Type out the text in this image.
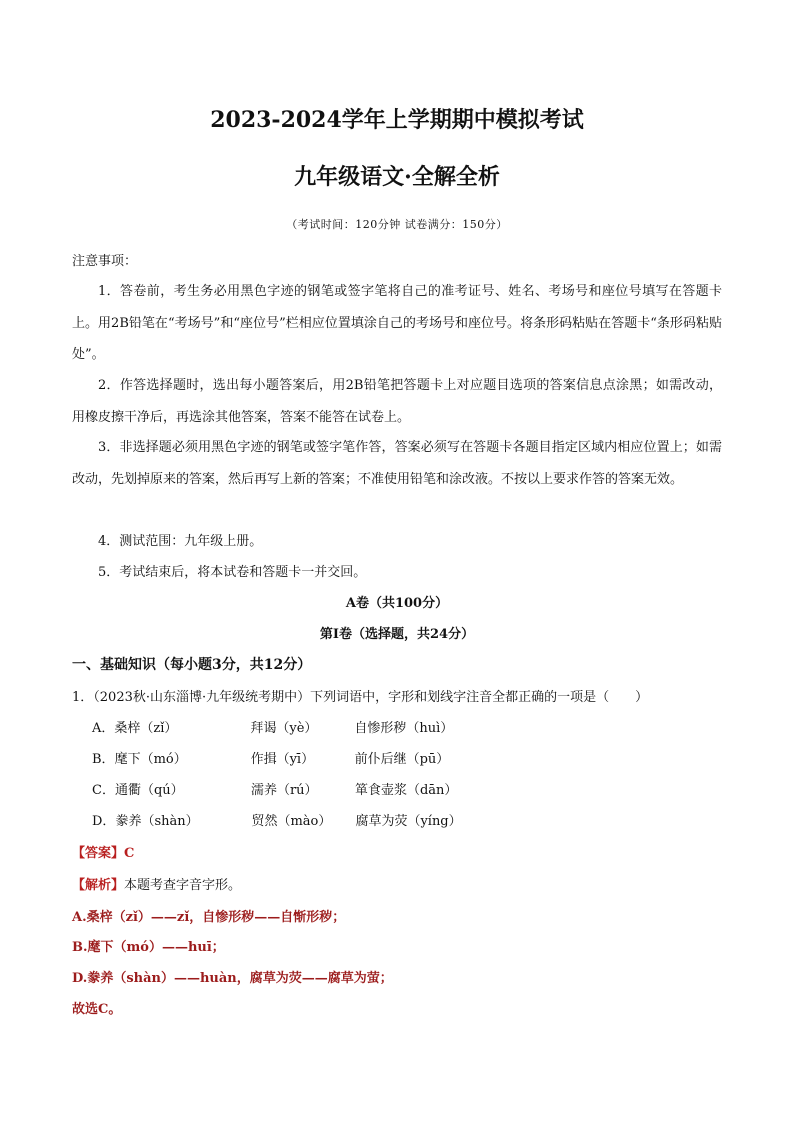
2023-2024学年上学期期中模拟考试
九年级语文·全解全析
（考试时间：120分钟 试卷满分：150分）
注意事项：

1．答卷前，考生务必用黑色字迹的钢笔或签字笔将自己的准考证号、姓名、考场号和座位号填写在答题卡上。用2B铅笔在“考场号”和“座位号”栏相应位置填涂自己的考场号和座位号。将条形码粘贴在答题卡“条形码粘贴处”。

2．作答选择题时，选出每小题答案后，用2B铅笔把答题卡上对应题目选项的答案信息点涂黑；如需改动，用橡皮擦干净后，再选涂其他答案，答案不能答在试卷上。

3．非选择题必须用黑色字迹的钢笔或签字笔作答，答案必须写在答题卡各题目指定区域内相应位置上；如需改动，先划掉原来的答案，然后再写上新的答案；不准使用铅笔和涂改液。不按以上要求作答的答案无效。

4．测试范围：九年级上册。

5．考试结束后，将本试卷和答题卡一并交回。

A卷（共100分）
第I卷（选择题，共24分）
一、基础知识（每小题3分，共12分）
1．（2023秋·山东淄博·九年级统考期中）下列词语中，字形和划线字注音全都正确的一项是（　　）
A．桑梓（zǐ）	拜谒（yè）	自惨形秽（huì）
B．麾下（mó）	作揖（yī）	前仆后继（pū）
C．通衢（qú）	濡养（rú）	箪食壶浆（dān）
D．豢养（shàn）	贸然（mào） 腐草为荧（yíng）
【答案】C
【解析】本题考查字音字形。
A.桑梓（zǐ）——zǐ，自惨形秽——自惭形秽；
B.麾下（mó）——huī；
D.豢养（shàn）——huàn，腐草为荧——腐草为萤；
故选C。
